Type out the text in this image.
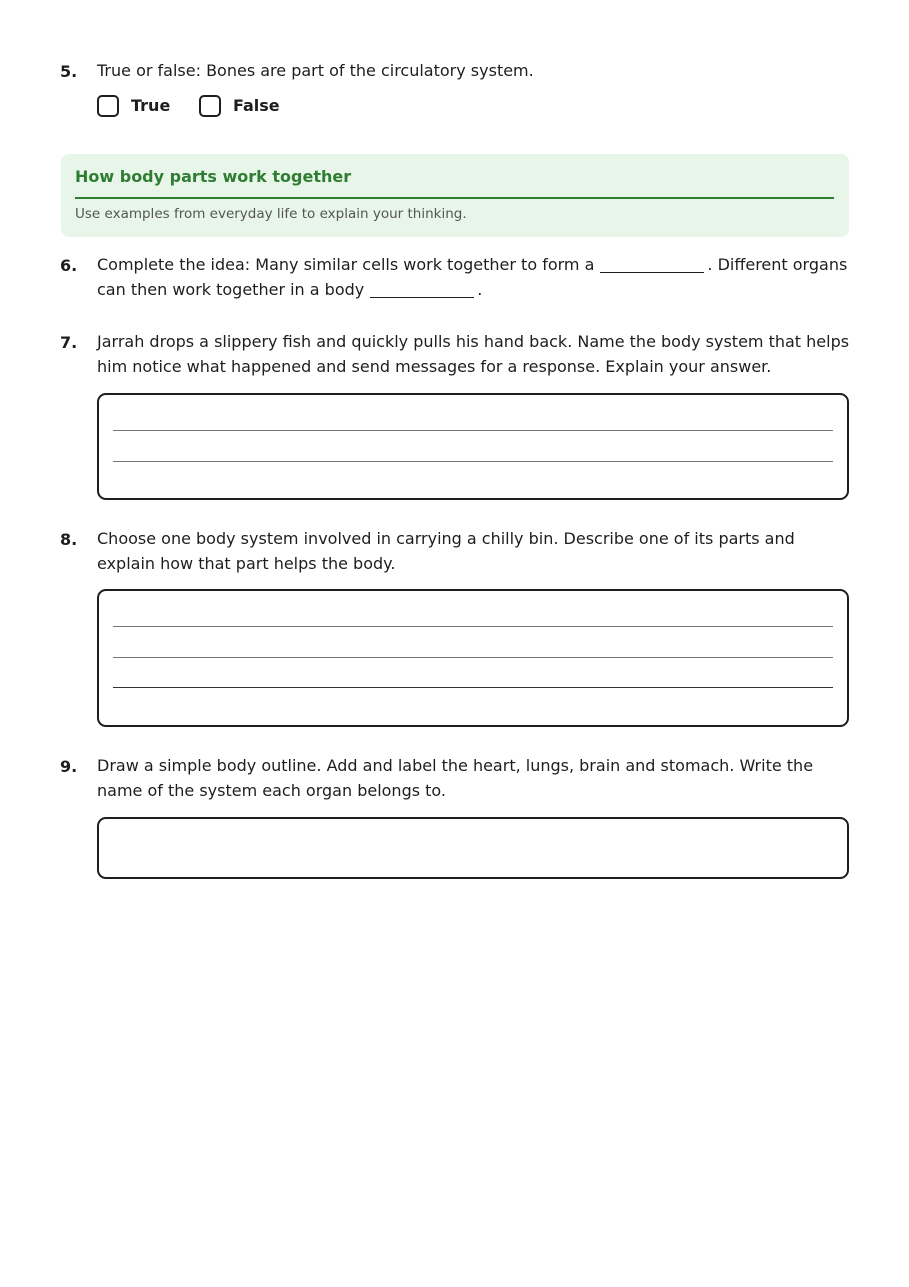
5. True or false: Bones are part of the circulatory system.
True	False
How body parts work together
Use examples from everyday life to explain your thinking.
6. Complete the idea: Many similar cells work together to form a	. Different organs can then work together in a body	.
7. Jarrah drops a slippery fish and quickly pulls his hand back. Name the body system that helps him notice what happened and send messages for a response. Explain your answer.
8. Choose one body system involved in carrying a chilly bin. Describe one of its parts and explain how that part helps the body.
9. Draw a simple body outline. Add and label the heart, lungs, brain and stomach. Write the name of the system each organ belongs to.
